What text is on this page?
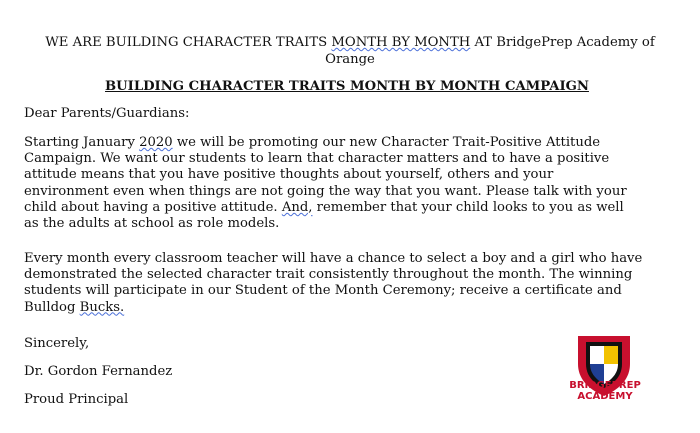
WE ARE BUILDING CHARACTER TRAITS MONTH BY MONTH AT BridgePrep Academy of
Orange
BUILDING CHARACTER TRAITS MONTH BY MONTH CAMPAIGN

Dear Parents/Guardians:

Starting January 2020 we will be promoting our new Character Trait-Positive Attitude
Campaign. We want our students to learn that character matters and to have a positive
attitude means that you have positive thoughts about yourself, others and your
environment even when things are not going the way that you want. Please talk with your
child about having a positive attitude. And, remember that your child looks to you as well
as the adults at school as role models.
Every month every classroom teacher will have a chance to select a boy and a girl who have
demonstrated the selected character trait consistently throughout the month. The winning
students will participate in our Student of the Month Ceremony; receive a certificate and
Bulldog Bucks.

Sincerely,

Dr. Gordon Fernandez

Proud Principal

BRIDGEPREP
ACADEMY
